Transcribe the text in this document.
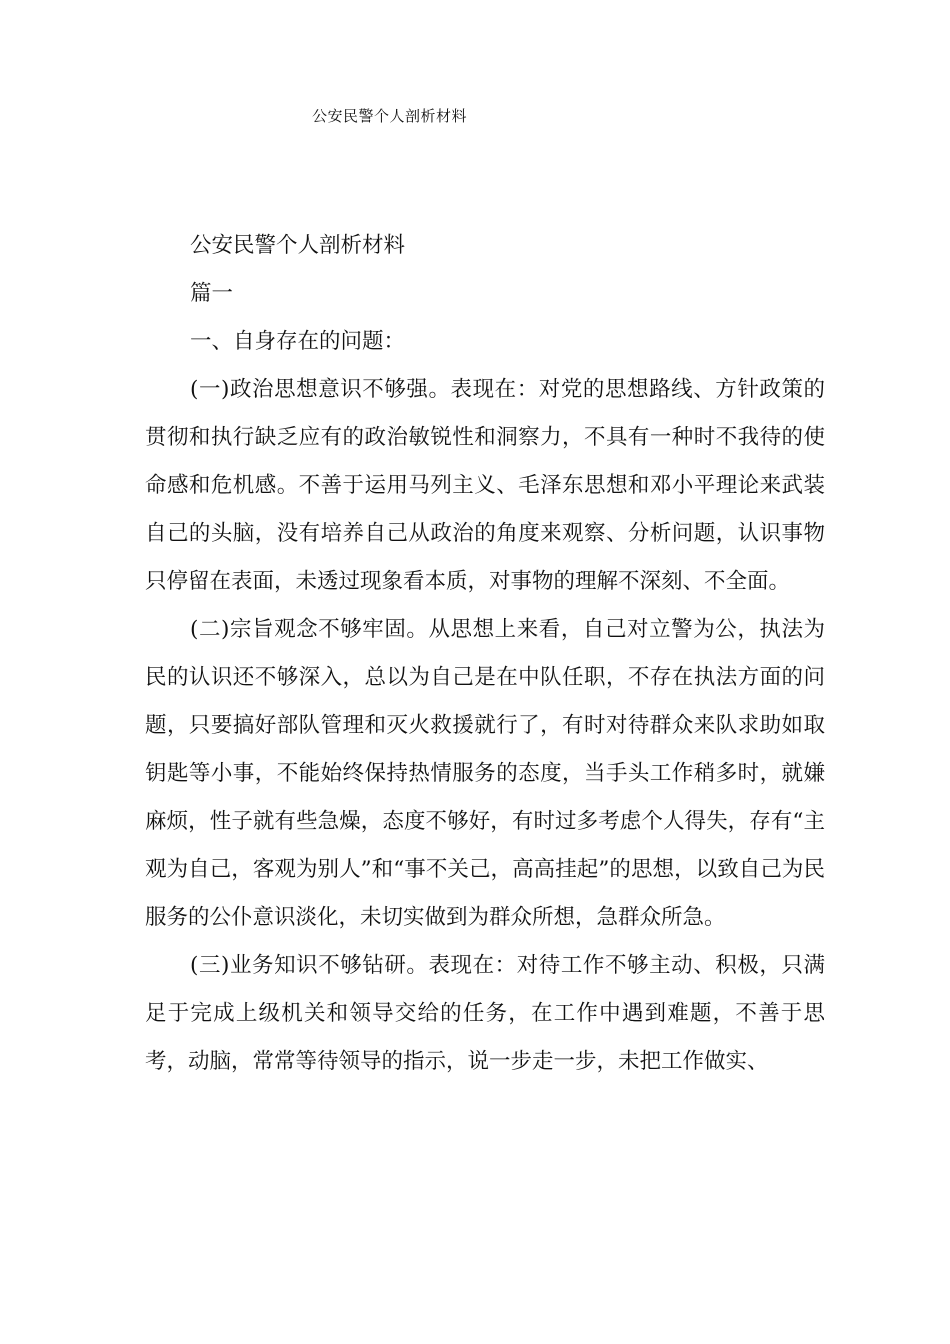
公安民警个人剖析材料

公安民警个人剖析材料

篇一

一、自身存在的问题：

(一)政治思想意识不够强。表现在：对党的思想路线、方针政策的贯彻和执行缺乏应有的政治敏锐性和洞察力，不具有一种时不我待的使命感和危机感。不善于运用马列主义、毛泽东思想和邓小平理论来武装自己的头脑，没有培养自己从政治的角度来观察、分析问题，认识事物只停留在表面，未透过现象看本质，对事物的理解不深刻、不全面。

(二)宗旨观念不够牢固。从思想上来看，自己对立警为公，执法为民的认识还不够深入，总以为自己是在中队任职，不存在执法方面的问题，只要搞好部队管理和灭火救援就行了，有时对待群众来队求助如取钥匙等小事，不能始终保持热情服务的态度，当手头工作稍多时，就嫌麻烦，性子就有些急燥，态度不够好，有时过多考虑个人得失，存有“主观为自己，客观为别人”和“事不关己，高高挂起”的思想，以致自己为民服务的公仆意识淡化，未切实做到为群众所想，急群众所急。

(三)业务知识不够钻研。表现在：对待工作不够主动、积极，只满足于完成上级机关和领导交给的任务，在工作中遇到难题，不善于思考，动脑，常常等待领导的指示，说一步走一步，未把工作做实、
